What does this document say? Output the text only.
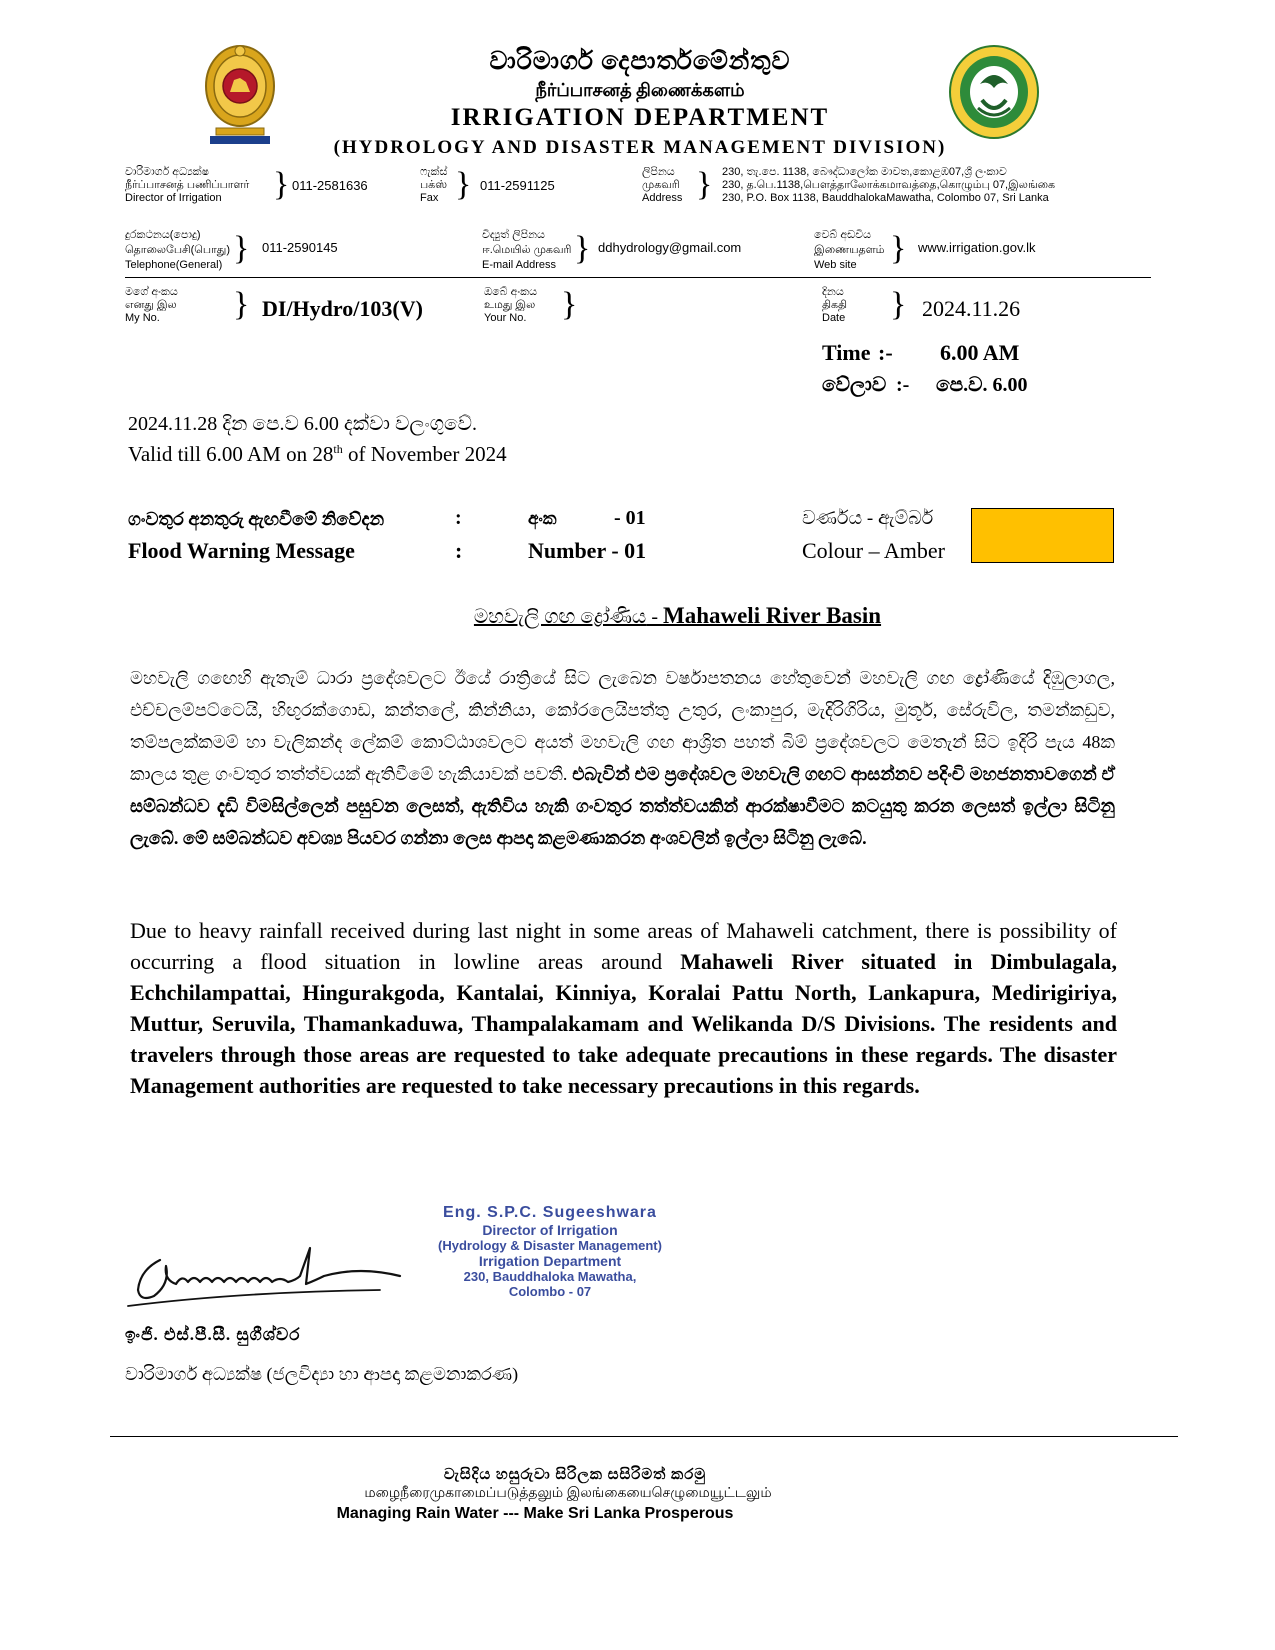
වාරිමාර්ග දෙපාර්තමේන්තුව
நீர்ப்பாசனத் திணைக்களம்
IRRIGATION DEPARTMENT
(HYDROLOGY AND DISASTER MANAGEMENT DIVISION)
වාරිමාර්ග අධ්‍යක්ෂ
நீர்ப்பாசனத் பணிப்பாளர்
Director of Irrigation	} 011-2581636
ෆැක්ස්
பக்ஸ்
Fax } 011-2591125
ලිපිනය
முகவரி
Address } 230, තැ.පෙ. 1138, බෞද්ධාලෝක මාවත,කොළඹ07,ශ්‍රී ලංකාව
230, த.பெ.1138,பௌத்தாலோக்கமாவத்தை,கொழும்பு 07,இலங்கை
230, P.O. Box 1138, BauddhalokaMawatha, Colombo 07, Sri Lanka
දුරකථනය(පොදු)
தொலைபேசி(பொது)
Telephone(General) } 011-2590145
විද්‍යුත් ලිපිනය
ஈ.மெயில் முகவரி
E-mail Address } ddhydrology@gmail.com
වෙබ් අඩවිය
இணையதளம்
Web site } www.irrigation.gov.lk
මගේ අංකය
எனது இல
My No.	} DI/Hydro/103(V)
ඔබේ අංකය
உமது இல
Your No.	}	දිනය
திகதி
Date } 2024.11.26
Time :- 6.00 AM
වේලාව :- පෙ.ව. 6.00
2024.11.28 දින පෙ.ව 6.00 දක්වා වලංගුවේ.
Valid till 6.00 AM on 28th of November 2024
ගංවතුර අනතුරු ඇඟවීමේ නිවේදන	:	අංක	- 01	වර්ණය - ඇම්බර්
Flood Warning Message	:	Number - 01	Colour – Amber
මහවැලි ගඟ ද්‍රෝණිය - Mahaweli River Basin
මහවැලි ගඟෙහි ඇතැම් ධාරා ප්‍රදේශවලට ඊයේ රාත්‍රියේ සිට ලැබෙන වර්ෂාපතනය හේතුවෙන් මහවැලි ගඟ ද්‍රෝණියේ දිඹුලාගල, එච්චලම්පට්ටෙයි, හිඟුරක්ගොඩ, කන්තලේ, කින්නියා, කෝරලෙයිපත්තු උතුර, ලංකාපුර, මැදිරිගිරිය, මුතූර්, සේරුවිල, තමන්කඩුව, තම්පලක්කමම් හා වැලිකන්ද ලේකම් කොට්ඨාශවලට අයත් මහවැලි ගඟ ආශ්‍රිත පහත් බිම් ප්‍රදේශවලට මෙතැන් සිට ඉදිරි පැය 48ක කාලය තුළ ගංවතුර තත්ත්වයක් ඇතිවීමේ හැකියාවක් පවතී. එබැවින් එම ප්‍රදේශවල මහවැලි ගඟට ආසන්නව පදිංචි මහජනතාවගෙන් ඒ සම්බන්ධව දැඩි විමසිල්ලෙන් පසුවන ලෙසත්, ඇතිවිය හැකි ගංවතුර තත්ත්වයකින් ආරක්ෂාවීමට කටයුතු කරන ලෙසත් ඉල්ලා සිටිනු ලැබේ. මේ සම්බන්ධව අවශ්‍ය පියවර ගන්නා ලෙස ආපදා කළමණාකරන අංශවලින් ඉල්ලා සිටිනු ලැබේ.
Due to heavy rainfall received during last night in some areas of Mahaweli catchment, there is possibility of occurring a flood situation in lowline areas around Mahaweli River situated in Dimbulagala, Echchilampattai, Hingurakgoda, Kantalai, Kinniya, Koralai Pattu North, Lankapura, Medirigiriya, Muttur, Seruvila, Thamankaduwa, Thampalakamam and Welikanda D/S Divisions. The residents and travelers through those areas are requested to take adequate precautions in these regards. The disaster Management authorities are requested to take necessary precautions in this regards.
Eng. S.P.C. Sugeeshwara
Director of Irrigation
(Hydrology & Disaster Management)
Irrigation Department
230, Bauddhaloka Mawatha,
Colombo - 07
ඉංජි. එස්.පී.සී. සුගීශ්වර
වාරිමාර්ග අධ්‍යක්ෂ (ජලවිද්‍යා හා ආපදා කළමනාකරණ)
වැසිදිය හසුරුවා සිරිලක සසිරිමත් කරමු
மழைநீரைமுகாமைப்படுத்தலும் இலங்கையைசெழுமையூட்டலும்
Managing Rain Water --- Make Sri Lanka Prosperous
